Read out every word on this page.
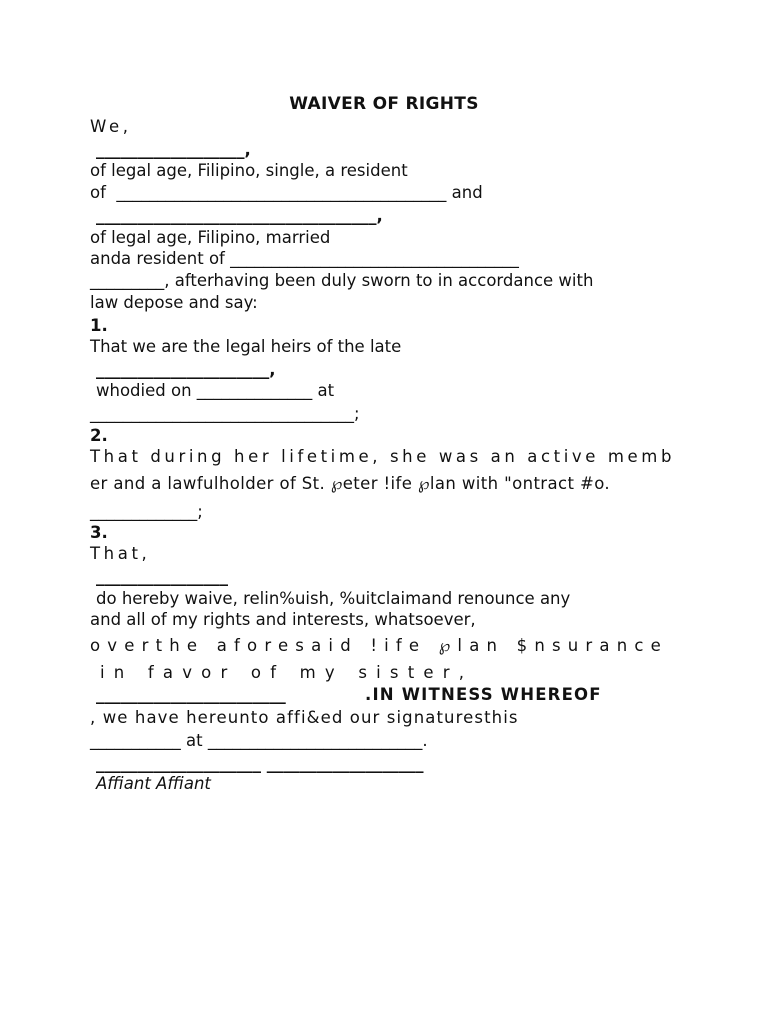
WAIVER OF RIGHTS
We,
__________________,
of legal age, Filipino, single, a resident
of  ________________________________________ and
__________________________________,
of legal age, Filipino, married
anda resident of ___________________________________
_________, afterhaving been duly sworn to in accordance with
law depose and say:
1.
That we are the legal heirs of the late
_____________________,
whodied on ______________ at
________________________________;
2.
That during her lifetime, she was an active memb
er and a lawfulholder of St. ℘eter !ife ℘lan with "ontract #o.
_____________;
3.
That,
________________
do hereby waive, relin%uish, %uitclaimand renounce any
and all of my rights and interests, whatsoever,
overthe aforesaid !ife ℘lan $nsurance
in favor of my sister,
_______________________	.IN WITNESS WHEREOF
, we have hereunto affi&ed our signaturesthis
___________ at __________________________.
____________________ ___________________
Affiant Affiant
